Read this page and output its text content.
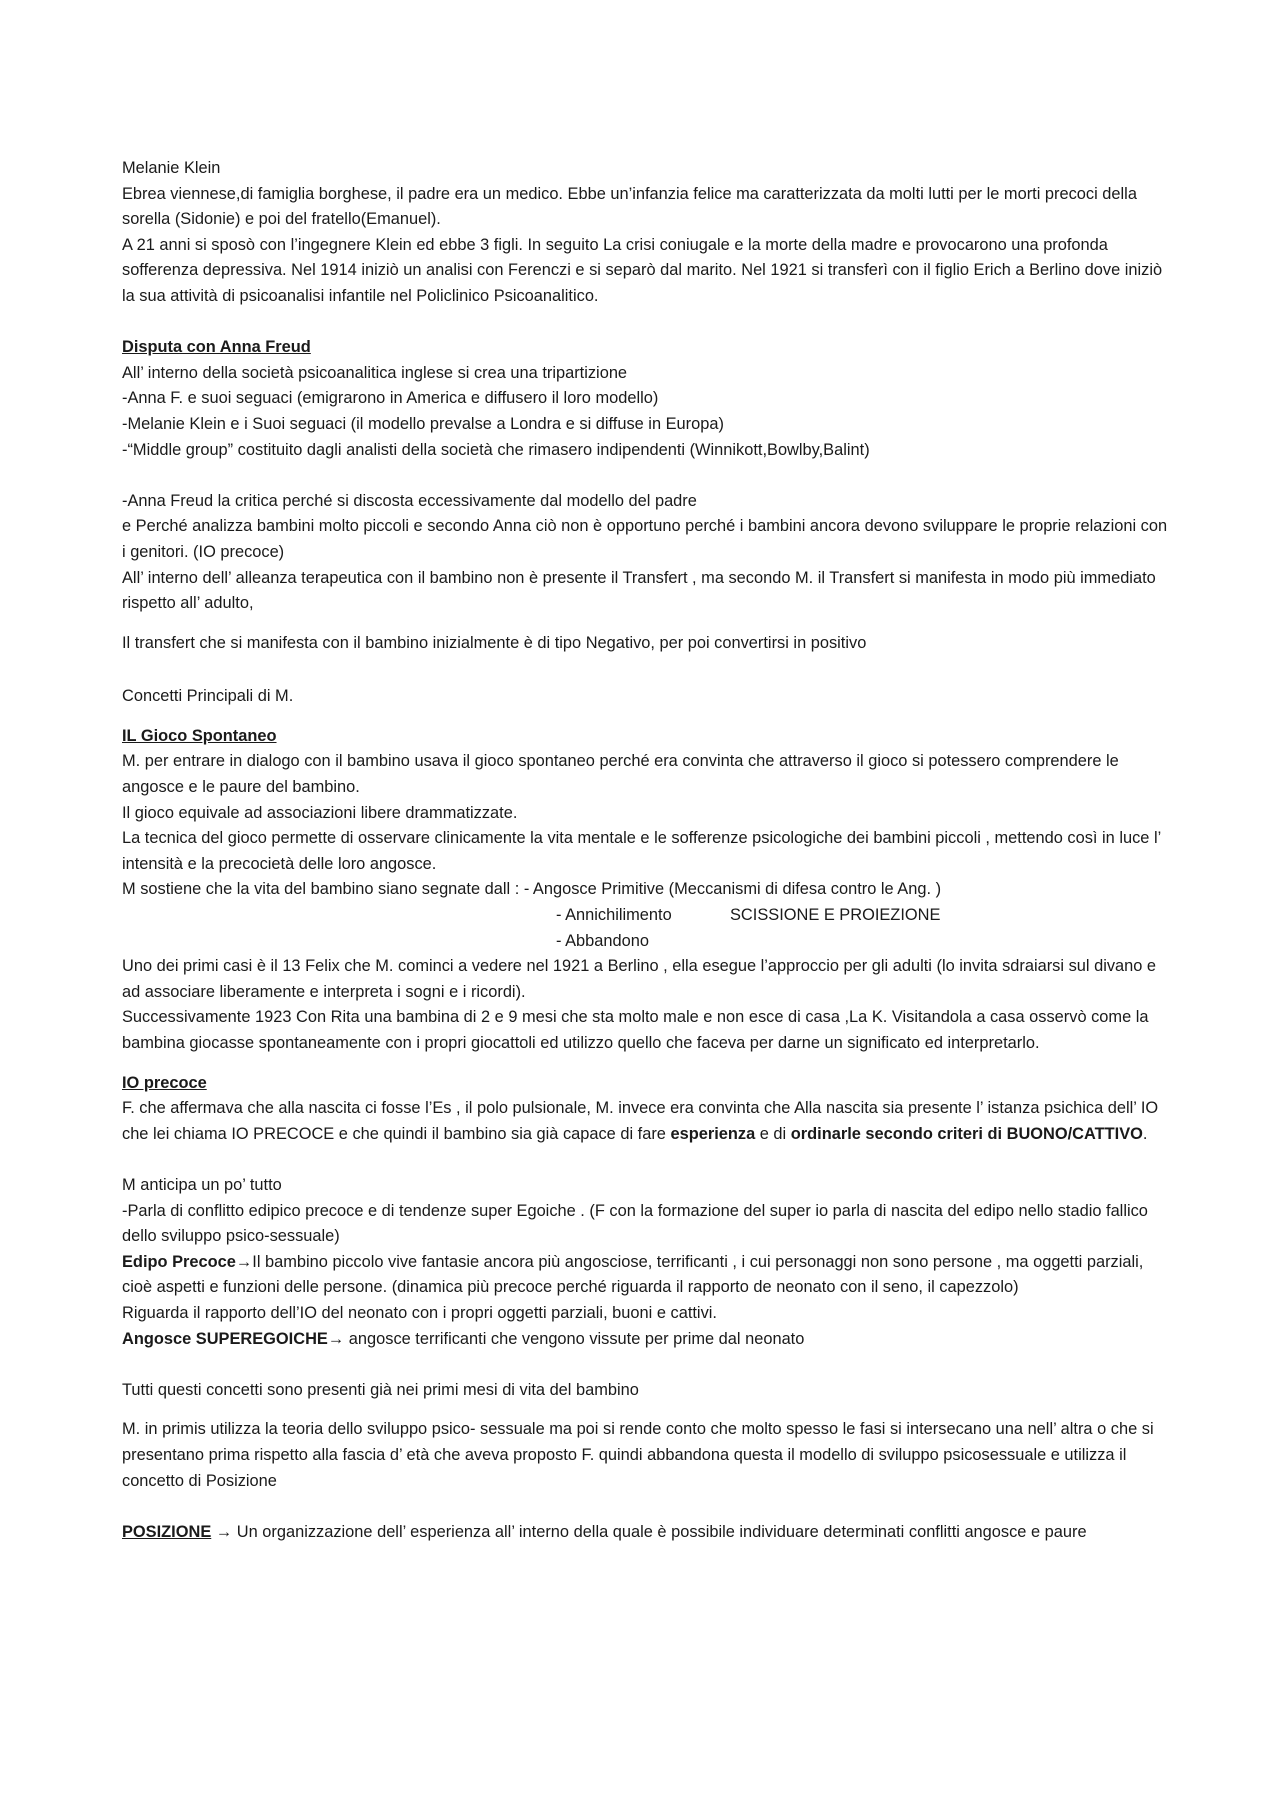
Melanie Klein

Ebrea viennese,di famiglia borghese, il padre era un medico. Ebbe un’infanzia felice ma caratterizzata da molti lutti per le morti precoci della sorella (Sidonie) e poi del fratello(Emanuel).

A 21 anni si sposò con l’ingegnere Klein ed ebbe 3 figli. In seguito La crisi coniugale e la morte della madre e provocarono una profonda sofferenza depressiva. Nel 1914 iniziò un analisi con Ferenczi e si separò dal marito. Nel 1921 si transferì con il figlio Erich a Berlino dove iniziò la sua attività di psicoanalisi infantile nel Policlinico Psicoanalitico.

Disputa con Anna Freud

All’ interno della società psicoanalitica inglese si crea una tripartizione

-Anna F. e suoi seguaci (emigrarono in America e diffusero il loro modello)

-Melanie Klein e i Suoi seguaci (il modello prevalse a Londra e si diffuse in Europa)

-“Middle group” costituito dagli analisti della società che rimasero indipendenti (Winnikott,Bowlby,Balint)

-Anna Freud la critica perché si discosta eccessivamente dal modello del padre

e Perché analizza bambini molto piccoli e secondo Anna ciò non è opportuno perché i bambini ancora devono sviluppare le proprie relazioni con i genitori. (IO precoce)

All’ interno dell’ alleanza terapeutica con il bambino non è presente il Transfert , ma secondo M. il Transfert si manifesta in modo più immediato rispetto all’ adulto,

Il transfert che si manifesta con il bambino inizialmente è di tipo Negativo, per poi convertirsi in positivo

Concetti Principali di M.

IL Gioco Spontaneo

M. per entrare in dialogo con il bambino usava il gioco spontaneo perché era convinta che attraverso il gioco si potessero comprendere le angosce e le paure del bambino.

Il gioco equivale ad associazioni libere drammatizzate.

La tecnica del gioco permette di osservare clinicamente la vita mentale e le sofferenze psicologiche dei bambini piccoli , mettendo così in luce l’ intensità e la precocietà delle loro angosce.

M sostiene che la vita del bambino siano segnate dall : - Angosce Primitive (Meccanismi di difesa contro le Ang. )

- Annichilimento	SCISSIONE E PROIEZIONE
- Abbandono

Uno dei primi casi è il 13 Felix che M. cominci a vedere nel 1921 a Berlino , ella esegue l’approccio per gli adulti (lo invita sdraiarsi sul divano e ad associare liberamente e interpreta i sogni e i ricordi).

Successivamente 1923 Con Rita una bambina di 2 e 9 mesi che sta molto male e non esce di casa ,La K. Visitandola a casa osservò come la bambina giocasse spontaneamente con i propri giocattoli ed utilizzo quello che faceva per darne un significato ed interpretarlo.

IO precoce

F. che affermava che alla nascita ci fosse l’Es , il polo pulsionale, M. invece era convinta che Alla nascita sia presente l’ istanza psichica dell’ IO che lei chiama IO PRECOCE e che quindi il bambino sia già capace di fare esperienza e di ordinarle secondo criteri di BUONO/CATTIVO.

M anticipa un po’ tutto

-Parla di conflitto edipico precoce e di tendenze super Egoiche . (F con la formazione del super io parla di nascita del edipo nello stadio fallico dello sviluppo psico-sessuale)

Edipo Precoce→Il bambino piccolo vive fantasie ancora più angosciose, terrificanti , i cui personaggi non sono persone , ma oggetti parziali, cioè aspetti e funzioni delle persone. (dinamica più precoce perché riguarda il rapporto de neonato con il seno, il capezzolo)

Riguarda il rapporto dell’IO del neonato con i propri oggetti parziali, buoni e cattivi.

Angosce SUPEREGOICHE→ angosce terrificanti che vengono vissute per prime dal neonato

Tutti questi concetti sono presenti già nei primi mesi di vita del bambino

M. in primis utilizza la teoria dello sviluppo psico- sessuale ma poi si rende conto che molto spesso le fasi si intersecano una nell’ altra o che si presentano prima rispetto alla fascia d’ età che aveva proposto F. quindi abbandona questa il modello di sviluppo psicosessuale e utilizza il concetto di Posizione

POSIZIONE → Un organizzazione dell’ esperienza all’ interno della quale è possibile individuare determinati conflitti angosce e paure
